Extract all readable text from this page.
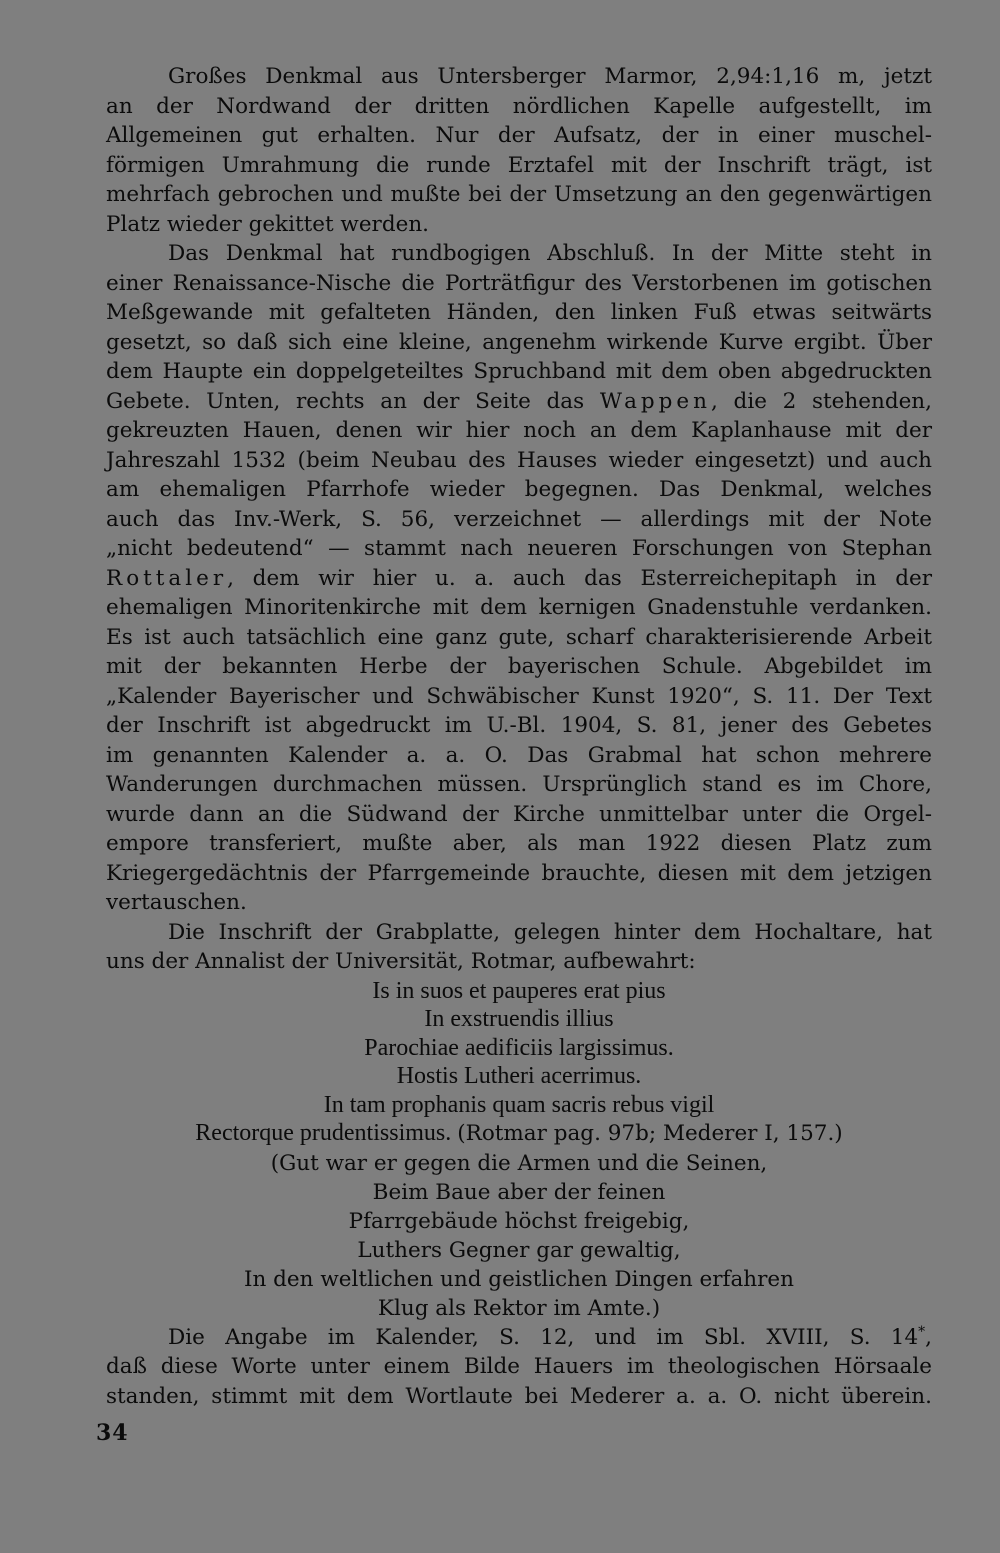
Großes Denkmal aus Untersberger Marmor, 2,94:1,16 m, jetzt
an der Nordwand der dritten nördlichen Kapelle aufgestellt, im
Allgemeinen gut erhalten. Nur der Aufsatz, der in einer muschel-
förmigen Umrahmung die runde Erztafel mit der Inschrift trägt, ist
mehrfach gebrochen und mußte bei der Umsetzung an den gegenwärtigen
Platz wieder gekittet werden.

Das Denkmal hat rundbogigen Abschluß. In der Mitte steht in
einer Renaissance-Nische die Porträtfigur des Verstorbenen im gotischen
Meßgewande mit gefalteten Händen, den linken Fuß etwas seitwärts
gesetzt, so daß sich eine kleine, angenehm wirkende Kurve ergibt. Über
dem Haupte ein doppelgeteiltes Spruchband mit dem oben abgedruckten
Gebete. Unten, rechts an der Seite das Wappen, die 2 stehenden,
gekreuzten Hauen, denen wir hier noch an dem Kaplanhause mit der
Jahreszahl 1532 (beim Neubau des Hauses wieder eingesetzt) und auch
am ehemaligen Pfarrhofe wieder begegnen. Das Denkmal, welches
auch das Inv.-Werk, S. 56, verzeichnet — allerdings mit der Note
„nicht bedeutend“ — stammt nach neueren Forschungen von Stephan
Rottaler, dem wir hier u. a. auch das Esterreichepitaph in der
ehemaligen Minoritenkirche mit dem kernigen Gnadenstuhle verdanken.
Es ist auch tatsächlich eine ganz gute, scharf charakterisierende Arbeit
mit der bekannten Herbe der bayerischen Schule. Abgebildet im
„Kalender Bayerischer und Schwäbischer Kunst 1920“, S. 11. Der Text
der Inschrift ist abgedruckt im U.-Bl. 1904, S. 81, jener des Gebetes
im genannten Kalender a. a. O. Das Grabmal hat schon mehrere
Wanderungen durchmachen müssen. Ursprünglich stand es im Chore,
wurde dann an die Südwand der Kirche unmittelbar unter die Orgel-
empore transferiert, mußte aber, als man 1922 diesen Platz zum
Kriegergedächtnis der Pfarrgemeinde brauchte, diesen mit dem jetzigen
vertauschen.

Die Inschrift der Grabplatte, gelegen hinter dem Hochaltare, hat
uns der Annalist der Universität, Rotmar, aufbewahrt:

Is in suos et pauperes erat pius
In exstruendis illius
Parochiae aedificiis largissimus.
Hostis Lutheri acerrimus.
In tam prophanis quam sacris rebus vigil
Rectorque prudentissimus. (Rotmar pag. 97b; Mederer I, 157.)
(Gut war er gegen die Armen und die Seinen,
Beim Baue aber der feinen
Pfarrgebäude höchst freigebig,
Luthers Gegner gar gewaltig,
In den weltlichen und geistlichen Dingen erfahren
Klug als Rektor im Amte.)

Die Angabe im Kalender, S. 12, und im Sbl. XVIII, S. 14*,
daß diese Worte unter einem Bilde Hauers im theologischen Hörsaale
standen, stimmt mit dem Wortlaute bei Mederer a. a. O. nicht überein.

34
